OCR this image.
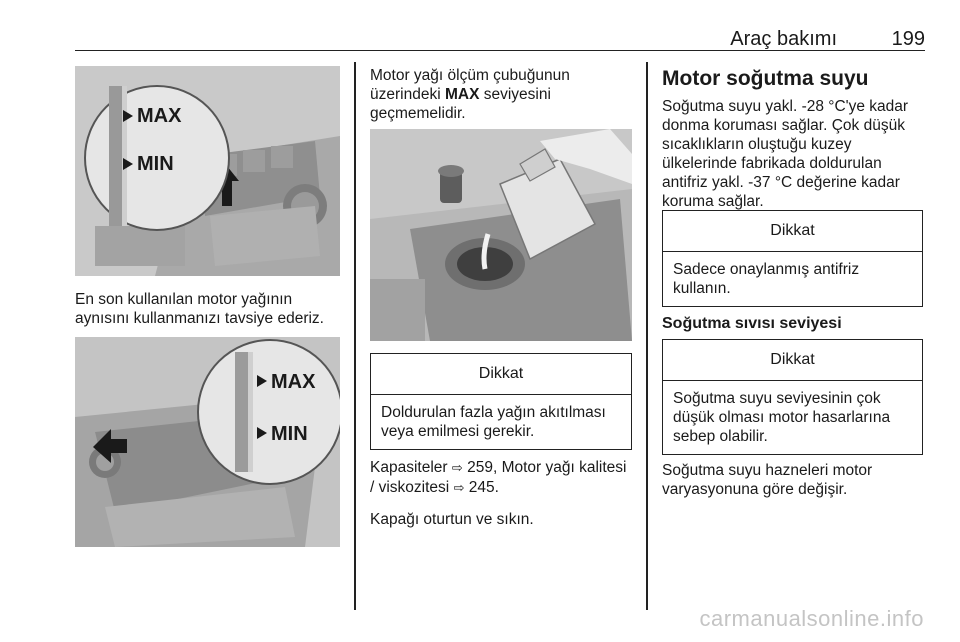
Araç bakımı	199
MAX
MIN

En son kullanılan motor yağının aynısını kullanmanızı tavsiye ederiz.

MAX
MIN

Motor yağı ölçüm çubuğunun üzerindeki MAX seviyesini geçmemelidir.

Dikkat
Doldurulan fazla yağın akıtılması veya emilmesi gerekir.

Kapasiteler ⇨ 259, Motor yağı kalitesi / viskozitesi ⇨ 245.

Kapağı oturtun ve sıkın.

Motor soğutma suyu

Soğutma suyu yakl. -28 °C'ye kadar donma koruması sağlar. Çok düşük sıcaklıkların oluştuğu kuzey ülkelerinde fabrikada doldurulan antifriz yakl. -37 °C değerine kadar koruma sağlar.

Dikkat
Sadece onaylanmış antifriz kullanın.
Soğutma sıvısı seviyesi
Dikkat
Soğutma suyu seviyesinin çok düşük olması motor hasarlarına sebep olabilir.

Soğutma suyu hazneleri motor varyasyonuna göre değişir.

carmanualsonline.info
